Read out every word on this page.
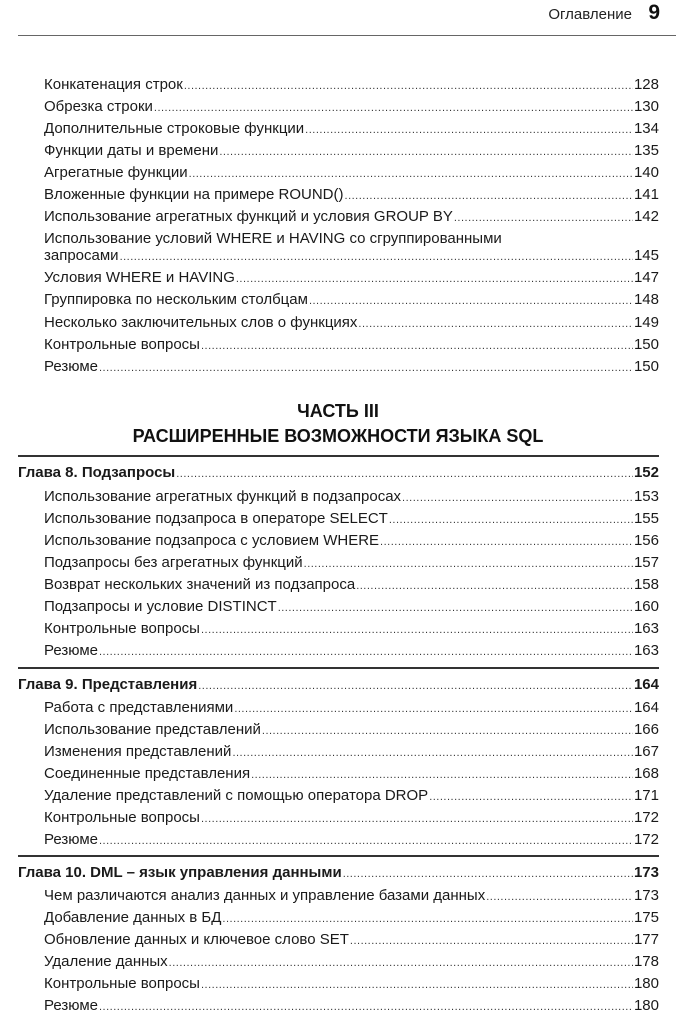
Оглавление 9
Конкатенация строк .....	128
Обрезка строки .....	130
Дополнительные строковые функции .....	134
Функции даты и времени .....	135
Агрегатные функции .....	140
Вложенные функции на примере ROUND() .....	141
Использование агрегатных функций и условия GROUP BY .....	142
Использование условий WHERE и HAVING со сгруппированными
запросами .....	145
Условия WHERE и HAVING .....	147
Группировка по нескольким столбцам .....	148
Несколько заключительных слов о функциях .....	149
Контрольные вопросы .....	150
Резюме .....	150
ЧАСТЬ III
РАСШИРЕННЫЕ ВОЗМОЖНОСТИ ЯЗЫКА SQL
Глава 8. Подзапросы .....	152
Использование агрегатных функций в подзапросах .....	153
Использование подзапроса в операторе SELECT .....	155
Использование подзапроса с условием WHERE .....	156
Подзапросы без агрегатных функций .....	157
Возврат нескольких значений из подзапроса .....	158
Подзапросы и условие DISTINCT .....	160
Контрольные вопросы .....	163
Резюме .....	163
Глава 9. Представления .....	164
Работа с представлениями .....	164
Использование представлений .....	166
Изменения представлений .....	167
Соединенные представления .....	168
Удаление представлений с помощью оператора DROP .....	171
Контрольные вопросы .....	172
Резюме .....	172
Глава 10. DML – язык управления данными .....	173
Чем различаются анализ данных и управление базами данных .....	173
Добавление данных в БД .....	175
Обновление данных и ключевое слово SET .....	177
Удаление данных .....	178
Контрольные вопросы .....	180
Резюме .....	180
